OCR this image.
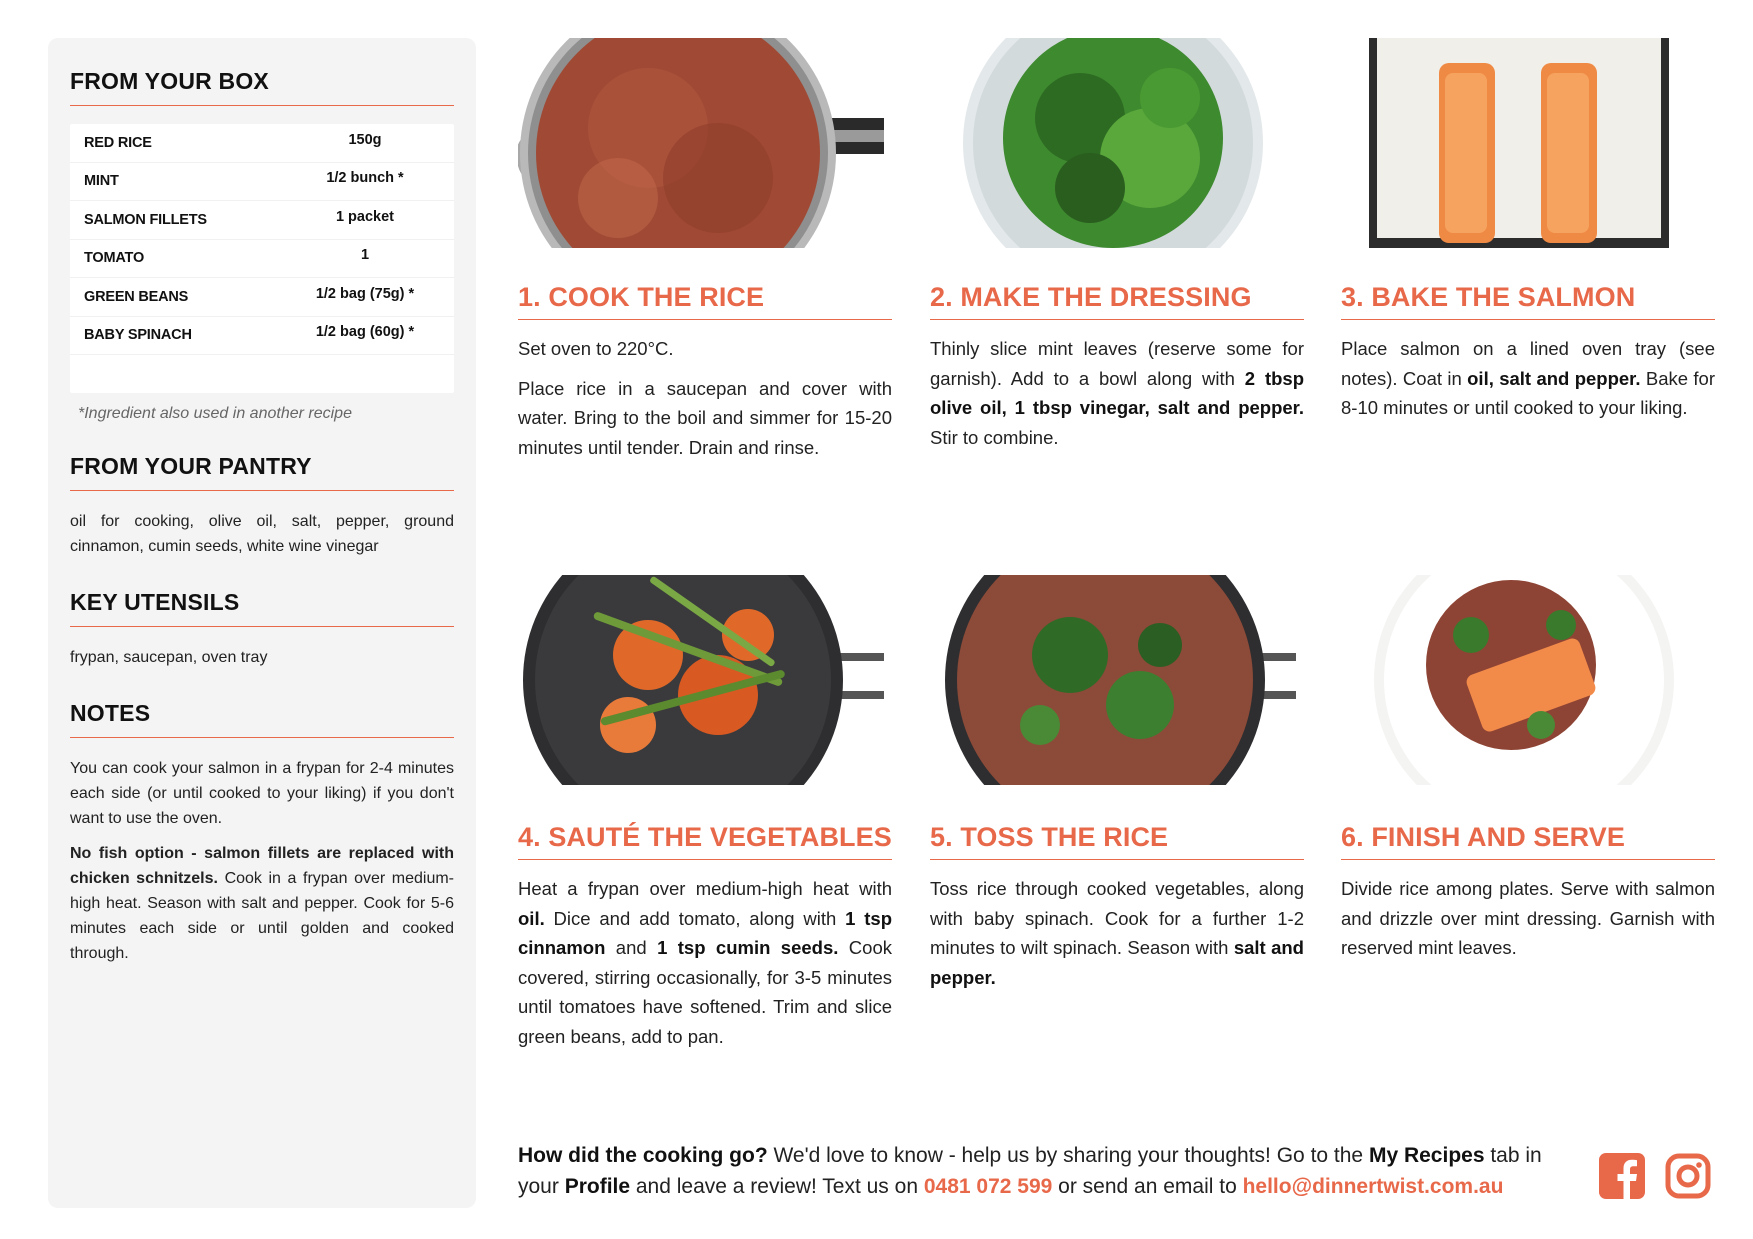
FROM YOUR BOX
RED RICE	150g
MINT	1/2 bunch *
SALMON FILLETS	1 packet
TOMATO	1
GREEN BEANS	1/2 bag (75g) *
BABY SPINACH	1/2 bag (60g) *
*Ingredient also used in another recipe
FROM YOUR PANTRY

oil for cooking, olive oil, salt, pepper, ground cinnamon, cumin seeds, white wine vinegar

KEY UTENSILS

frypan, saucepan, oven tray

NOTES

You can cook your salmon in a frypan for 2-4 minutes each side (or until cooked to your liking) if you don't want to use the oven.

No fish option - salmon fillets are replaced with chicken schnitzels. Cook in a frypan over medium-high heat. Season with salt and pepper. Cook for 5-6 minutes each side or until golden and cooked through.

1. COOK THE RICE

Set oven to 220°C.

Place rice in a saucepan and cover with water. Bring to the boil and simmer for 15-20 minutes until tender. Drain and rinse.

2. MAKE THE DRESSING

Thinly slice mint leaves (reserve some for garnish). Add to a bowl along with 2 tbsp olive oil, 1 tbsp vinegar, salt and pepper. Stir to combine.

3. BAKE THE SALMON

Place salmon on a lined oven tray (see notes). Coat in oil, salt and pepper. Bake for 8-10 minutes or until cooked to your liking.

4. SAUTÉ THE VEGETABLES

Heat a frypan over medium-high heat with oil. Dice and add tomato, along with 1 tsp cinnamon and 1 tsp cumin seeds. Cook covered, stirring occasionally, for 3-5 minutes until tomatoes have softened. Trim and slice green beans, add to pan.

5. TOSS THE RICE

Toss rice through cooked vegetables, along with baby spinach. Cook for a further 1-2 minutes to wilt spinach. Season with salt and pepper.

6. FINISH AND SERVE

Divide rice among plates. Serve with salmon and drizzle over mint dressing. Garnish with reserved mint leaves.

How did the cooking go? We'd love to know - help us by sharing your thoughts! Go to the My Recipes tab in your Profile and leave a review! Text us on 0481 072 599 or send an email to hello@dinnertwist.com.au
